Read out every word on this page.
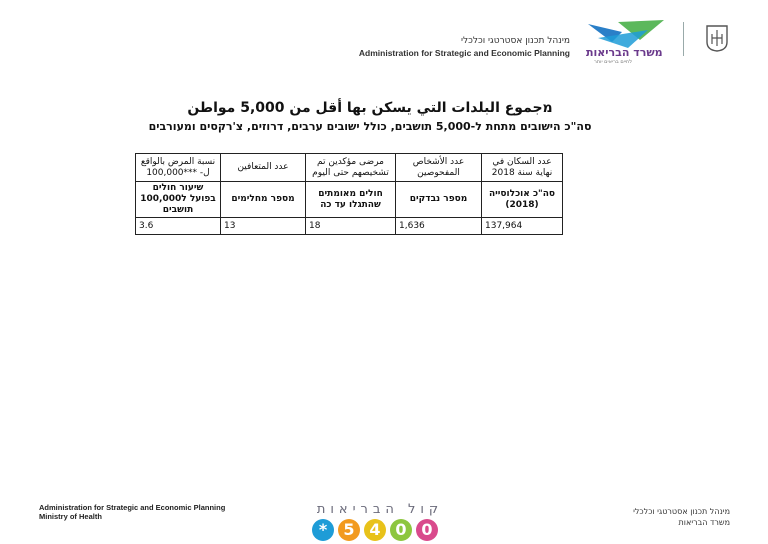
מינהל תכנון אסטרטגי וכלכלי
Administration for Strategic and Economic Planning משרד הבריאות
לחיים בריאים יותר
מجموع البلدات التي يسكن بها أقل من 5,000 مواطن
סה"כ הישובים מתחת ל-5,000 תושבים, כולל ישובים ערבים, דרוזים, צ'רקסים ומעורבים
عدد السكان في نهاية سنة 2018	عدد الأشخاص المفحوصين	مرضى مؤكدين تم تشخيصهم حتى اليوم	عدد المتعافين	نسبة المرض بالواقع ل- ***100,000
סה"כ אוכלוסייה (2018)	מספר נבדקים	חולים מאומתים שהתגלו עד כה	מספר מחלימים	שיעור חולים בפועל ל100,000 תושבים
137,964	1,636	18	13	3.6
Administration for Strategic and Economic Planning
Ministry of Health	קול הבריאות
*	5 4 0 0
מינהל תכנון אסטרטגי וכלכלי
משרד הבריאות
